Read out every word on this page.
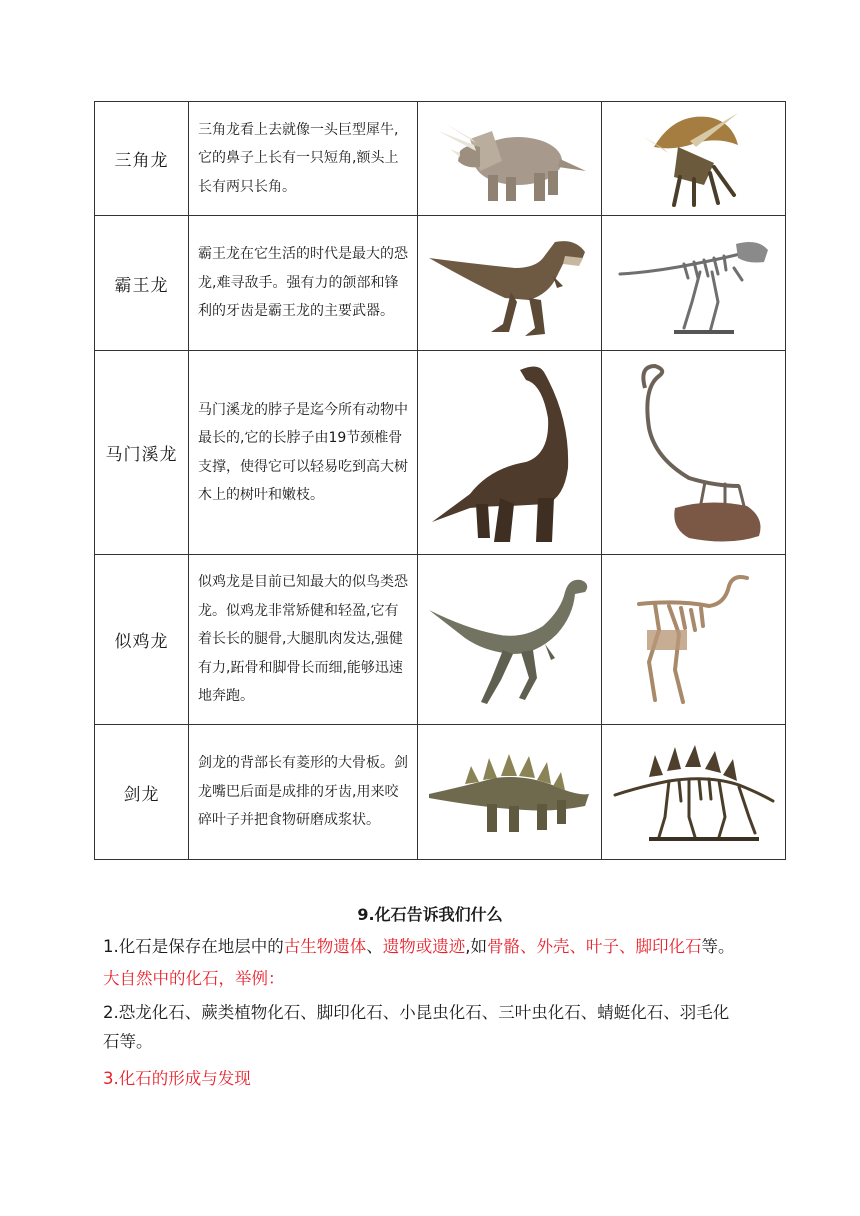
三角龙	三角龙看上去就像一头巨型犀牛,它的鼻子上长有一只短角,额头上长有两只长角。	

霸王龙	霸王龙在它生活的时代是最大的恐龙,难寻敌手。强有力的颌部和锋利的牙齿是霸王龙的主要武器。	

马门溪龙	马门溪龙的脖子是迄今所有动物中最长的,它的长脖子由19节颈椎骨支撑，使得它可以轻易吃到高大树木上的树叶和嫩枝。	

似鸡龙	似鸡龙是目前已知最大的似鸟类恐龙。似鸡龙非常矫健和轻盈,它有着长长的腿骨,大腿肌肉发达,强健有力,跖骨和脚骨长而细,能够迅速地奔跑。	

剑龙	剑龙的背部长有菱形的大骨板。剑龙嘴巴后面是成排的牙齿,用来咬碎叶子并把食物研磨成浆状。	

9.化石告诉我们什么
1.化石是保存在地层中的古生物遗体、遗物或遗迹,如骨骼、外壳、叶子、脚印化石等。
大自然中的化石，举例：
2.恐龙化石、蕨类植物化石、脚印化石、小昆虫化石、三叶虫化石、蜻蜓化石、羽毛化
石等。
3.化石的形成与发现
